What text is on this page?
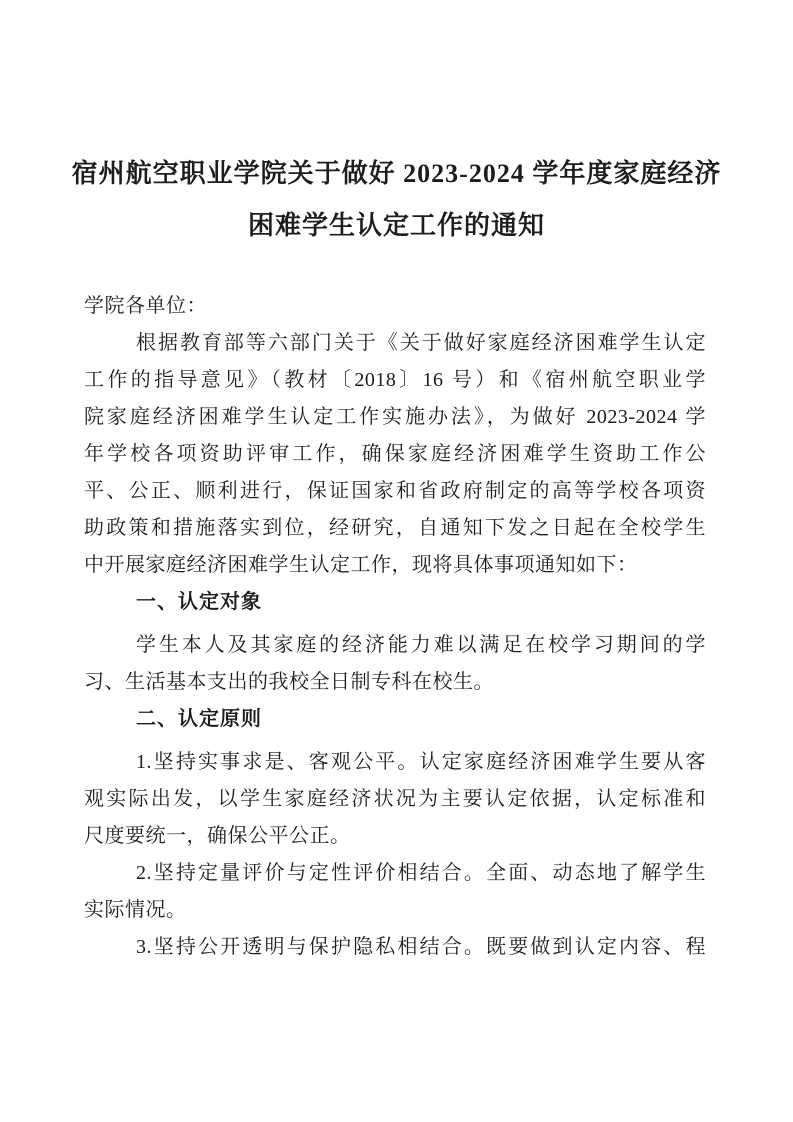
宿州航空职业学院关于做好 2023-2024 学年度家庭经济
困难学生认定工作的通知
学院各单位：
根据教育部等六部门关于《关于做好家庭经济困难学生认定
工作的指导意见》（教材〔2018〕16 号）和《宿州航空职业学
院家庭经济困难学生认定工作实施办法》，为做好 2023-2024 学
年学校各项资助评审工作，确保家庭经济困难学生资助工作公
平、公正、顺利进行，保证国家和省政府制定的高等学校各项资
助政策和措施落实到位，经研究，自通知下发之日起在全校学生
中开展家庭经济困难学生认定工作，现将具体事项通知如下：
一、认定对象
学生本人及其家庭的经济能力难以满足在校学习期间的学
习、生活基本支出的我校全日制专科在校生。
二、认定原则
1.坚持实事求是、客观公平。认定家庭经济困难学生要从客
观实际出发，以学生家庭经济状况为主要认定依据，认定标准和
尺度要统一，确保公平公正。
2.坚持定量评价与定性评价相结合。全面、动态地了解学生
实际情况。
3.坚持公开透明与保护隐私相结合。既要做到认定内容、程
